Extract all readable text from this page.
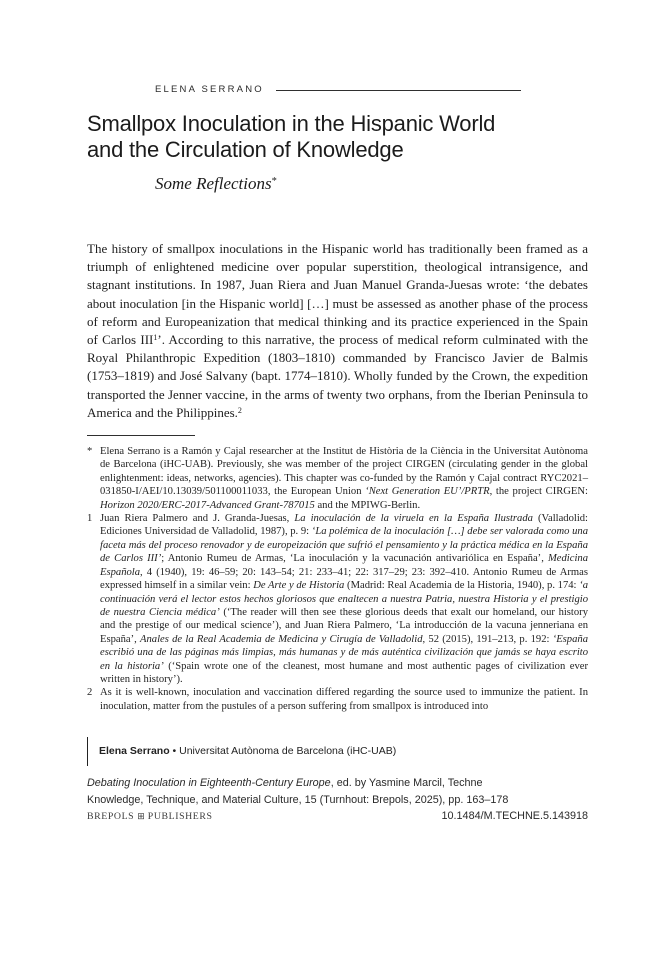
ELENA SERRANO
Smallpox Inoculation in the Hispanic World
and the Circulation of Knowledge
Some Reflections*
The history of smallpox inoculations in the Hispanic world has traditionally been framed as a triumph of enlightened medicine over popular superstition, theological intransigence, and stagnant institutions. In 1987, Juan Riera and Juan Manuel Granda-Juesas wrote: ‘the debates about inoculation [in the Hispanic world] […] must be assessed as another phase of the process of reform and Europeanization that medical thinking and its practice experienced in the Spain of Carlos III$^1$’. According to this narrative, the process of medical reform culminated with the Royal Philanthropic Expedition (1803–1810) commanded by Francisco Javier de Balmis (1753–1819) and José Salvany (bapt. 1774–1810). Wholly funded by the Crown, the expedition transported the Jenner vaccine, in the arms of twenty two orphans, from the Iberian Peninsula to America and the Philippines.$^2$
* Elena Serrano is a Ramón y Cajal researcher at the Institut de Història de la Ciència in the Universitat Autònoma de Barcelona (iHC-UAB). Previously, she was member of the project CIRGEN (circulating gender in the global enlightenment: ideas, networks, agencies). This chapter was co-funded by the Ramón y Cajal contract RYC2021–031850-I/AEI/10.13039/501100011033, the European Union ‘Next Generation EU’/PRTR, the project CIRGEN: Horizon 2020/ERC-2017-Advanced Grant-787015 and the MPIWG-Berlin.
1 Juan Riera Palmero and J. Granda-Juesas, La inoculación de la viruela en la España Ilustrada (Valladolid: Ediciones Universidad de Valladolid, 1987), p. 9: ‘La polémica de la inoculación […] debe ser valorada como una faceta más del proceso renovador y de europeización que sufrió el pensamiento y la práctica médica en la España de Carlos III’; Antonio Rumeu de Armas, ‘La inoculación y la vacunación antivariólica en España’, Medicina Española, 4 (1940), 19: 46–59; 20: 143–54; 21: 233–41; 22: 317–29; 23: 392–410. Antonio Rumeu de Armas expressed himself in a similar vein: De Arte y de Historia (Madrid: Real Academia de la Historia, 1940), p. 174: ‘a continuación verá el lector estos hechos gloriosos que enaltecen a nuestra Patria, nuestra Historia y el prestigio de nuestra Ciencia médica’ (‘The reader will then see these glorious deeds that exalt our homeland, our history and the prestige of our medical science’), and Juan Riera Palmero, ‘La introducción de la vacuna jenneriana en España’, Anales de la Real Academia de Medicina y Cirugía de Valladolid, 52 (2015), 191–213, p. 192: ‘España escribió una de las páginas más limpias, más humanas y de más auténtica civilización que jamás se haya escrito en la historia’ (‘Spain wrote one of the cleanest, most humane and most authentic pages of civilization ever written in history’).
2 As it is well-known, inoculation and vaccination differed regarding the source used to immunize the patient. In inoculation, matter from the pustules of a person suffering from smallpox is introduced into
Elena Serrano • Universitat Autònoma de Barcelona (iHC-UAB)
Debating Inoculation in Eighteenth-Century Europe, ed. by Yasmine Marcil, Techne
Knowledge, Technique, and Material Culture, 15 (Turnhout: Brepols, 2025), pp. 163–178
BREPOLS ⊞ PUBLISHERS	10.1484/M.TECHNE.5.143918
